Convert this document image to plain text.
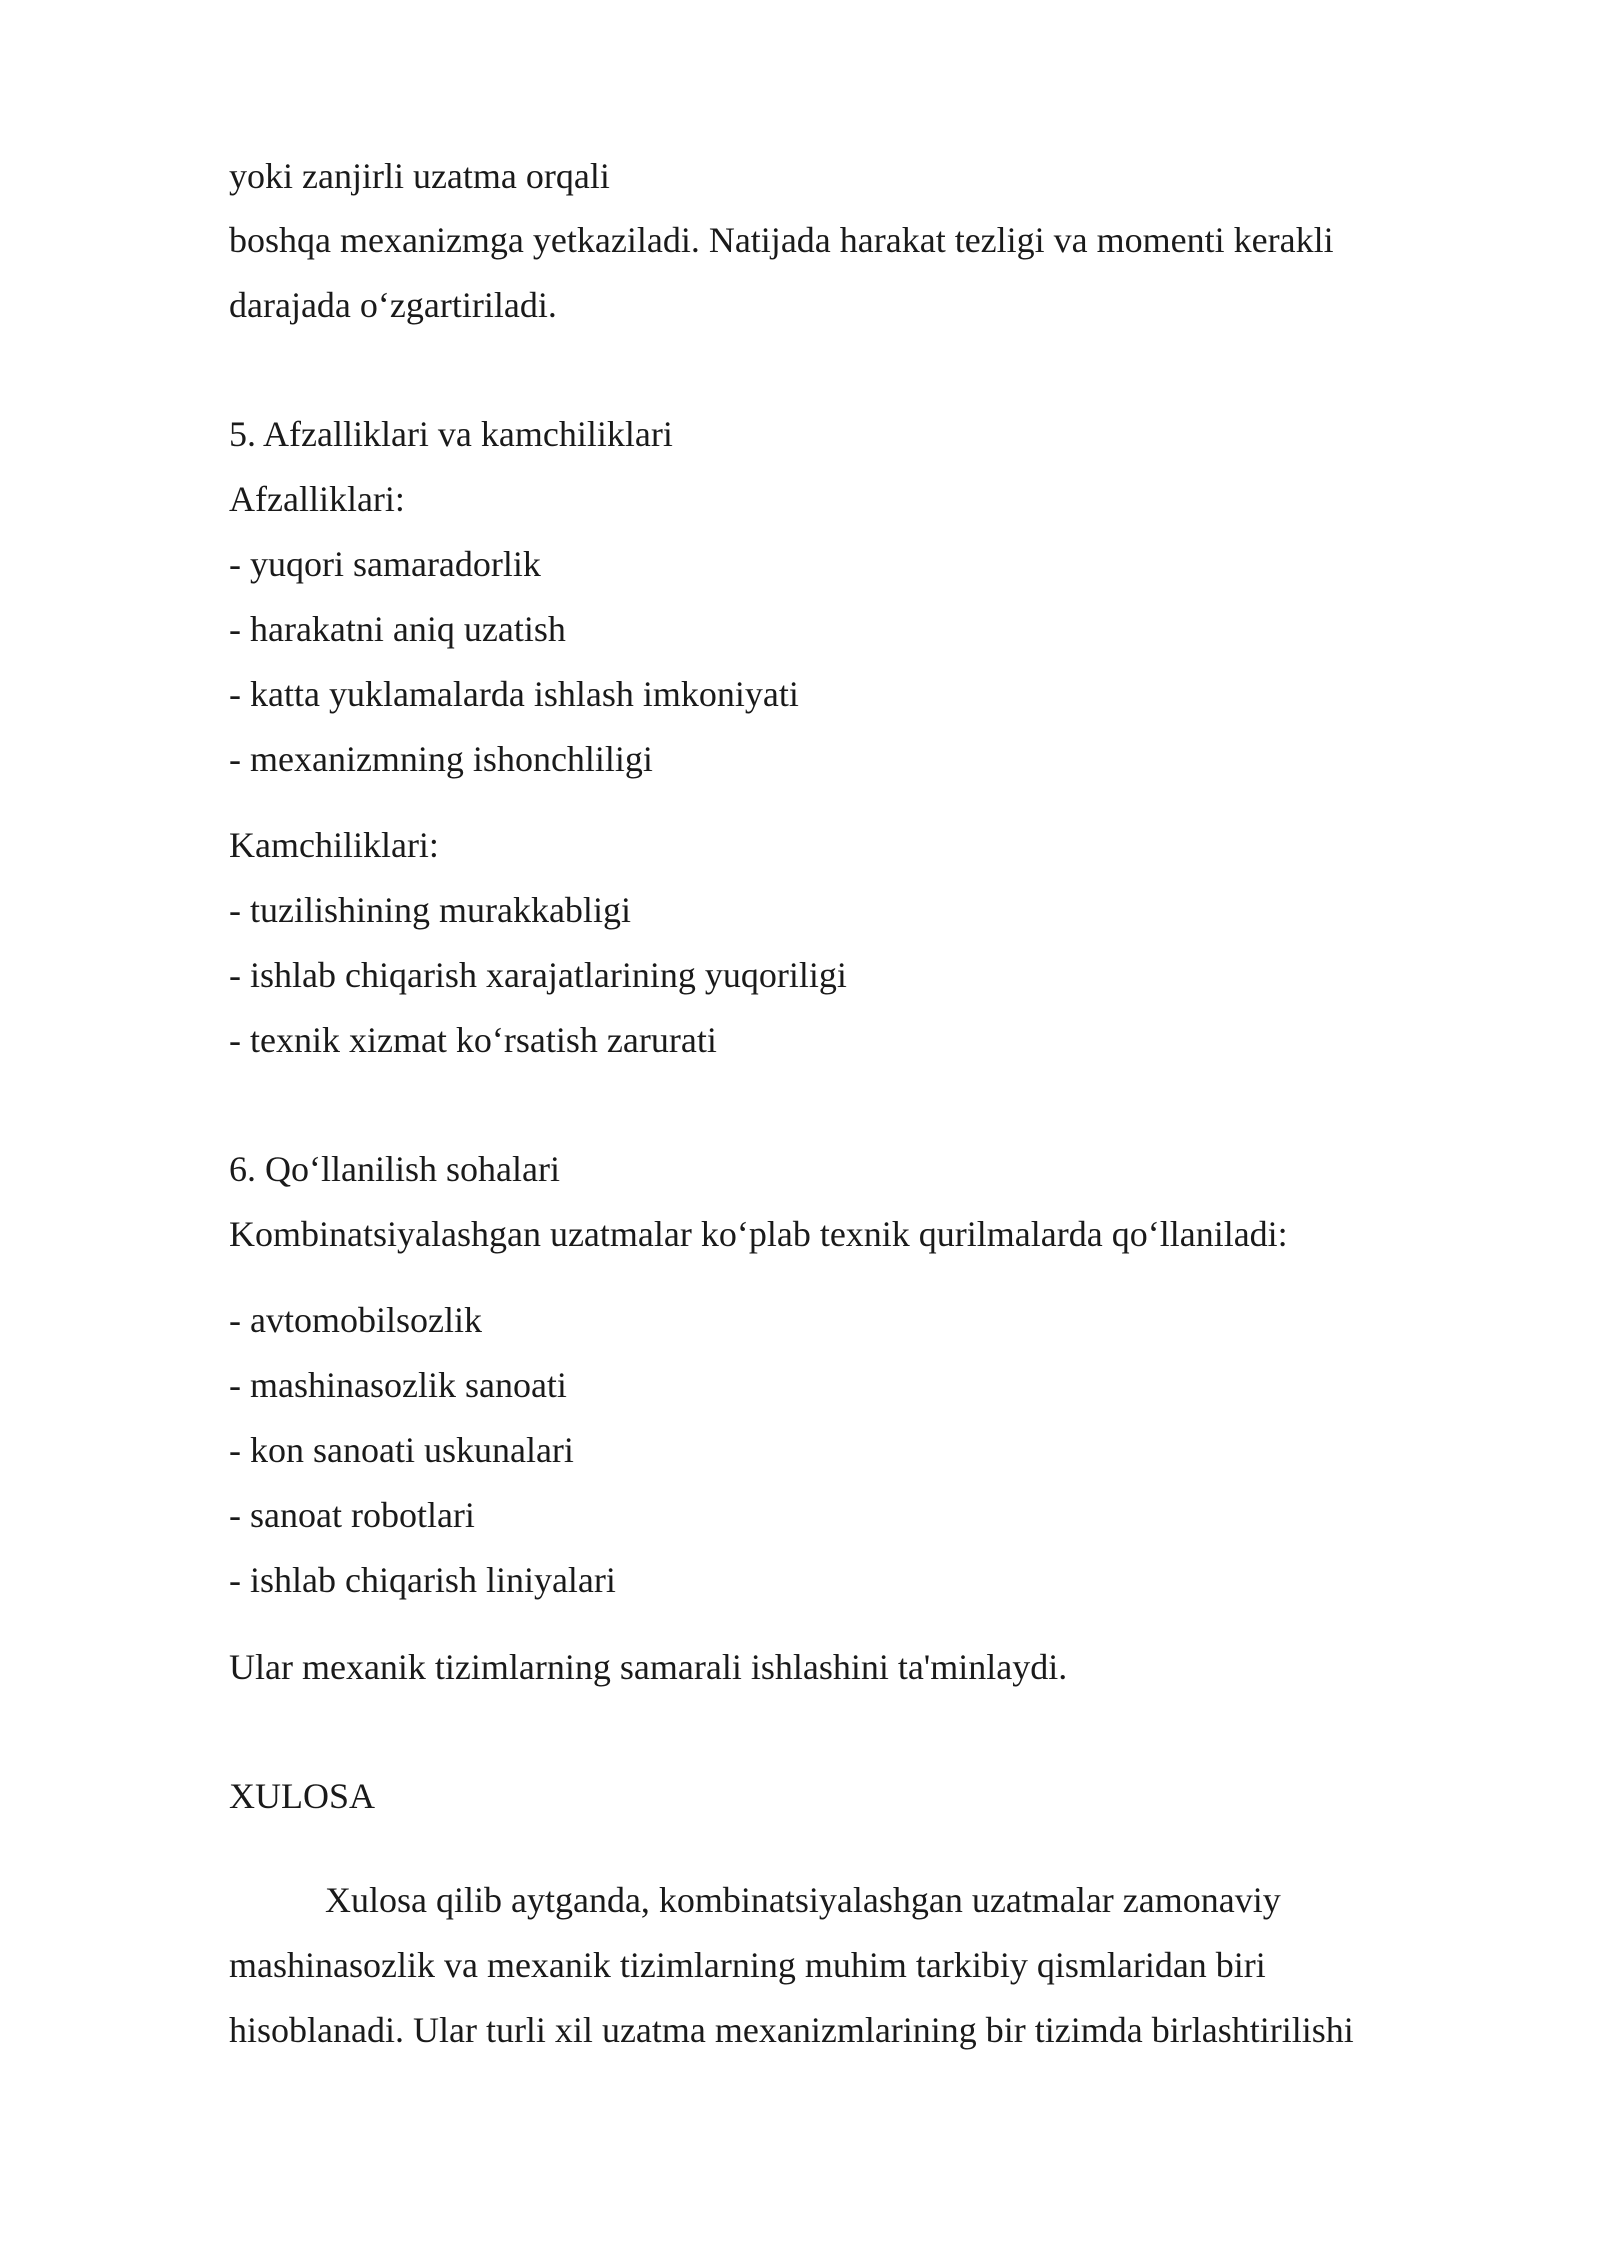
yoki zanjirli uzatma orqali

boshqa mexanizmga yetkaziladi. Natijada harakat tezligi va momenti kerakli

darajada oʻzgartiriladi.

5. Afzalliklari va kamchiliklari

Afzalliklari:

- yuqori samaradorlik

- harakatni aniq uzatish

- katta yuklamalarda ishlash imkoniyati

- mexanizmning ishonchliligi

Kamchiliklari:

- tuzilishining murakkabligi

- ishlab chiqarish xarajatlarining yuqoriligi

- texnik xizmat koʻrsatish zarurati

6. Qoʻllanilish sohalari

Kombinatsiyalashgan uzatmalar koʻplab texnik qurilmalarda qoʻllaniladi:

- avtomobilsozlik

- mashinasozlik sanoati

- kon sanoati uskunalari

- sanoat robotlari

- ishlab chiqarish liniyalari

Ular mexanik tizimlarning samarali ishlashini ta'minlaydi.

XULOSA

Xulosa qilib aytganda, kombinatsiyalashgan uzatmalar zamonaviy

mashinasozlik va mexanik tizimlarning muhim tarkibiy qismlaridan biri

hisoblanadi. Ular turli xil uzatma mexanizmlarining bir tizimda birlashtirilishi
